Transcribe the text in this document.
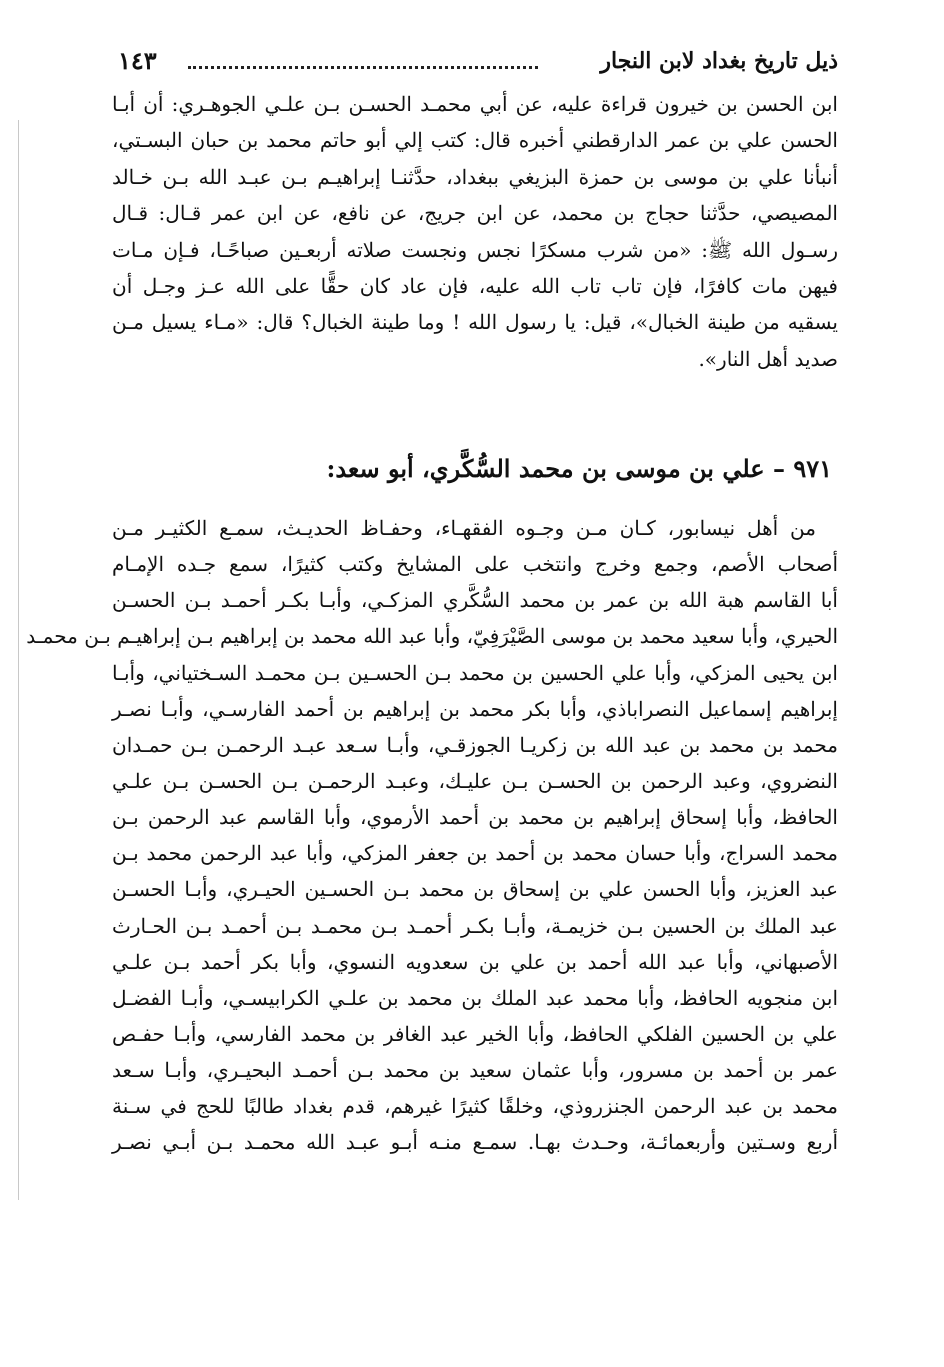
ذيل تاريخ بغداد لابن النجار
١٤٣
ابن الحسن بن خيرون قراءة عليه، عن أبي محمـد الحسـن بـن علـي الجوهـري: أن أبـا
الحسن علي بن عمر الدارقطني أخبره قال: كتب إلي أبو حاتم محمد بن حبان البسـتي،
أنبأنا علي بن موسى بن حمزة البزيغي ببغداد، حدَّثنـا إبراهيـم بـن عبـد الله بـن خـالد
المصيصي، حدَّثنا حجاج بن محمد، عن ابن جريج، عن نافع، عن ابن عمر قـال: قـال
رسـول الله ﷺ: «من شرب مسكرًا نجس ونجست صلاته أربعـين صباحًـا، فـإن مـات
فيهن مات كافرًا، فإن تاب تاب الله عليه، فإن عاد كان حقًّا على الله عـز وجـل أن
يسقيه من طينة الخبال»، قيل: يا رسول الله ! وما طينة الخبال؟ قال: «مـاء يسيل مـن
صديد أهل النار».
٩٧١ – علي بن موسى بن محمد السُّكَّري، أبو سعد:
من أهل نيسابور، كـان مـن وجـوه الفقهـاء، وحفـاظ الحديـث، سمـع الكثيـر مـن
أصحاب الأصم، وجمع وخرج وانتخب على المشايخ وكتب كثيرًا، سمع جـده الإمـام
أبا القاسم هبة الله بن عمر بن محمد السُّكَّري المزكـي، وأبـا بكـر أحمـد بـن الحسـن
الحيري، وأبا سعيد محمد بن موسى الصَّيْرَفِيّ، وأبا عبد الله محمد بن إبراهيم بـن إبراهيـم بـن محمـد
ابن يحيى المزكي، وأبا علي الحسين بن محمد بـن الحسـين بـن محمـد السـختياني، وأبـا
إبراهيم إسماعيل النصراباذي، وأبا بكر محمد بن إبراهيم بن أحمد الفارسـي، وأبـا نصـر
محمد بن محمد بن عبد الله بن زكريـا الجوزقـي، وأبـا سـعد عبـد الرحمـن بـن حمـدان
النضروي، وعبد الرحمن بن الحسـن بـن عليـك، وعبـد الرحمـن بـن الحسـن بـن علـي
الحافظ، وأبا إسحاق إبراهيم بن محمد بن أحمد الأرموي، وأبا القاسم عبد الرحمن بـن
محمد السراج، وأبا حسان محمد بن أحمد بن جعفر المزكي، وأبا عبد الرحمن محمد بـن
عبد العزيز، وأبا الحسن علي بن إسحاق بن محمد بـن الحسـين الحيـري، وأبـا الحسـن
عبد الملك بن الحسين بـن خزيمـة، وأبـا بكـر أحمـد بـن محمـد بـن أحمـد بـن الحـارث
الأصبهاني، وأبا عبد الله أحمد بن علي بن سعدويه النسوي، وأبا بكر أحمد بـن علـي
ابن منجويه الحافظ، وأبا محمد عبد الملك بن محمد بن علـي الكرابيسـي، وأبـا الفضـل
علي بن الحسين الفلكي الحافظ، وأبا الخير عبد الغافر بن محمد الفارسي، وأبـا حفـص
عمر بن أحمد بن مسرور، وأبا عثمان سعيد بن محمد بـن أحمـد البحيـري، وأبـا سـعد
محمد بن عبد الرحمن الجنزروذي، وخلقًا كثيرًا غيرهم، قدم بغداد طالبًا للحج في سـنة
أربع وسـتين وأربعمائـة، وحـدث بهـا. سمـع منـه أبـو عبـد الله محمـد بـن أبـي نصـر
